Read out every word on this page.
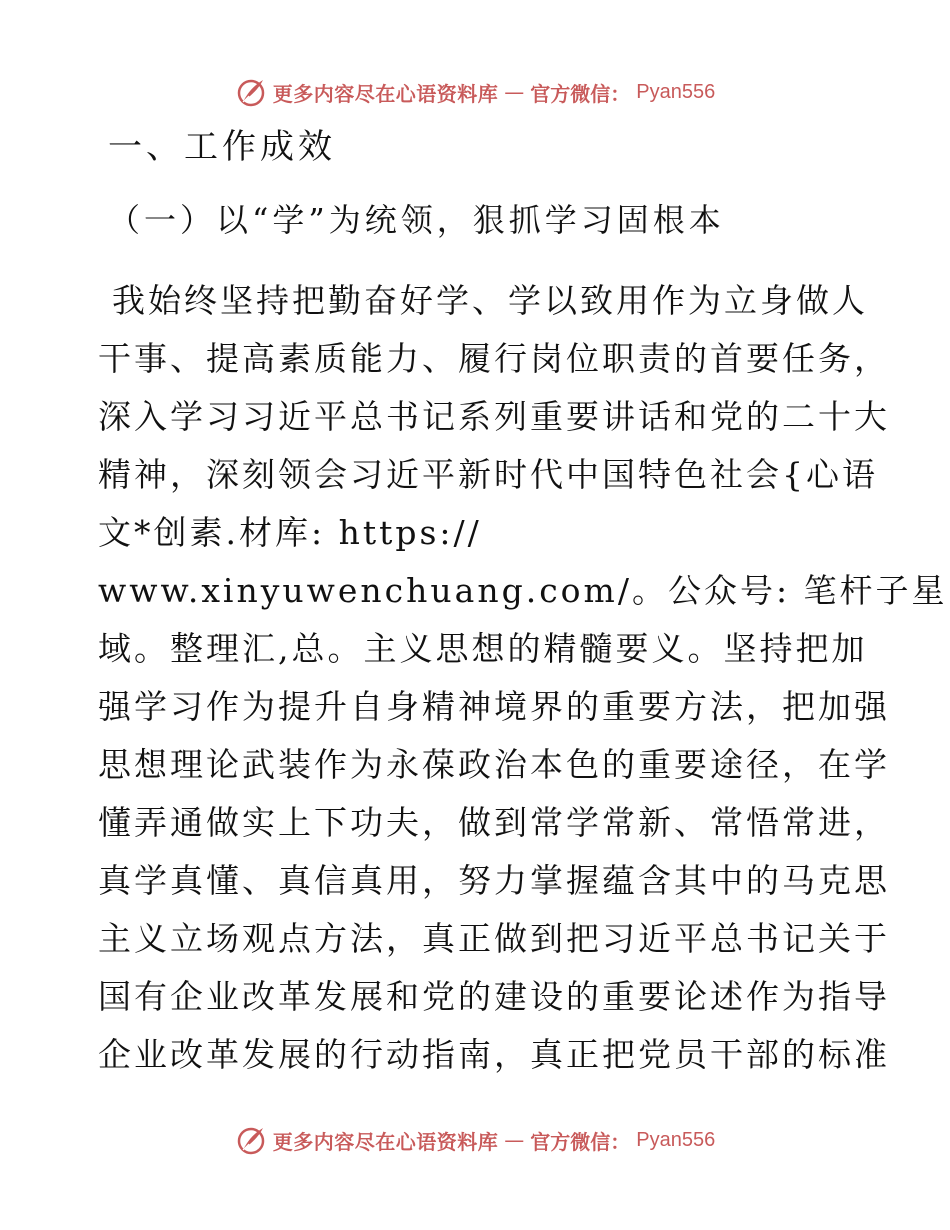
更多内容尽在心语资料库 — 官方微信： Pyan556
一、工作成效
（一）以“学”为统领，狠抓学习固根本
我始终坚持把勤奋好学、学以致用作为立身做人
干事、提高素质能力、履行岗位职责的首要任务，
深入学习习近平总书记系列重要讲话和党的二十大
精神，深刻领会习近平新时代中国特色社会{心语
文*创素.材库: https://
www.xinyuwenchuang.com/。公众号: 笔杆子星
域。整理汇,总。主义思想的精髓要义。坚持把加
强学习作为提升自身精神境界的重要方法，把加强
思想理论武装作为永葆政治本色的重要途径，在学
懂弄通做实上下功夫，做到常学常新、常悟常进，
真学真懂、真信真用，努力掌握蕴含其中的马克思
主义立场观点方法，真正做到把习近平总书记关于
国有企业改革发展和党的建设的重要论述作为指导
企业改革发展的行动指南，真正把党员干部的标准
更多内容尽在心语资料库 — 官方微信： Pyan556
